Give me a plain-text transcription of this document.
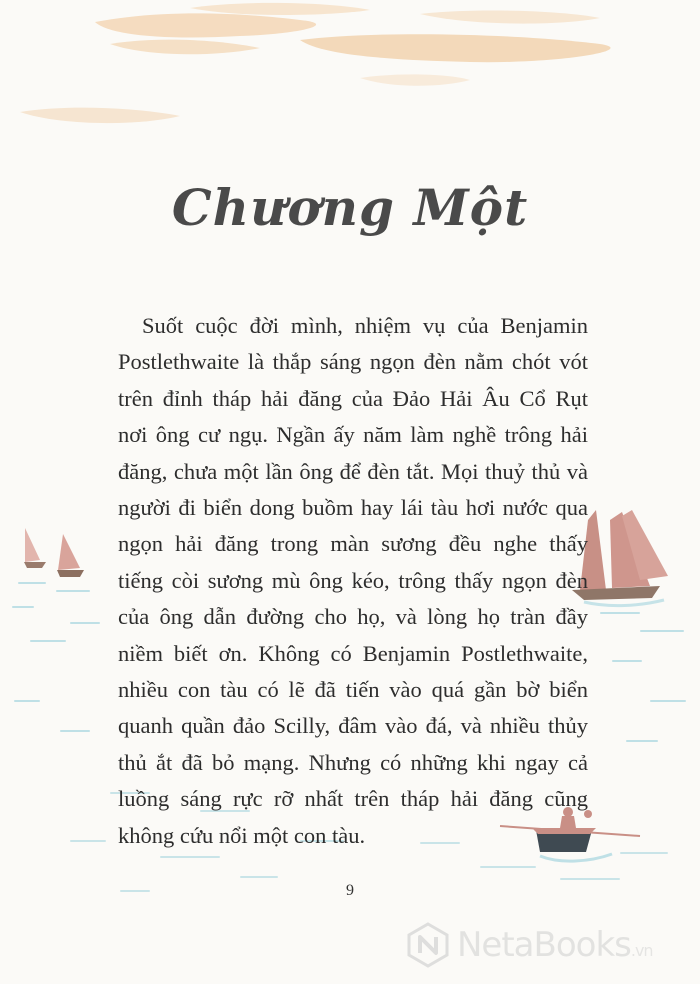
Chương Một
Suốt cuộc đời mình, nhiệm vụ của Benjamin
Postlethwaite là thắp sáng ngọn đèn nằm chót vót
trên đỉnh tháp hải đăng của Đảo Hải Âu Cổ Rụt
nơi ông cư ngụ. Ngần ấy năm làm nghề trông hải
đăng, chưa một lần ông để đèn tắt. Mọi thuỷ thủ và
người đi biển dong buồm hay lái tàu hơi nước qua
ngọn hải đăng trong màn sương đều nghe thấy
tiếng còi sương mù ông kéo, trông thấy ngọn đèn
của ông dẫn đường cho họ, và lòng họ tràn đầy
niềm biết ơn. Không có Benjamin Postlethwaite,
nhiều con tàu có lẽ đã tiến vào quá gần bờ biển
quanh quần đảo Scilly, đâm vào đá, và nhiều thủy
thủ ắt đã bỏ mạng. Nhưng có những khi ngay cả
luồng sáng rực rỡ nhất trên tháp hải đăng cũng
không cứu nổi một con tàu.
9
NetaBooks.vn
